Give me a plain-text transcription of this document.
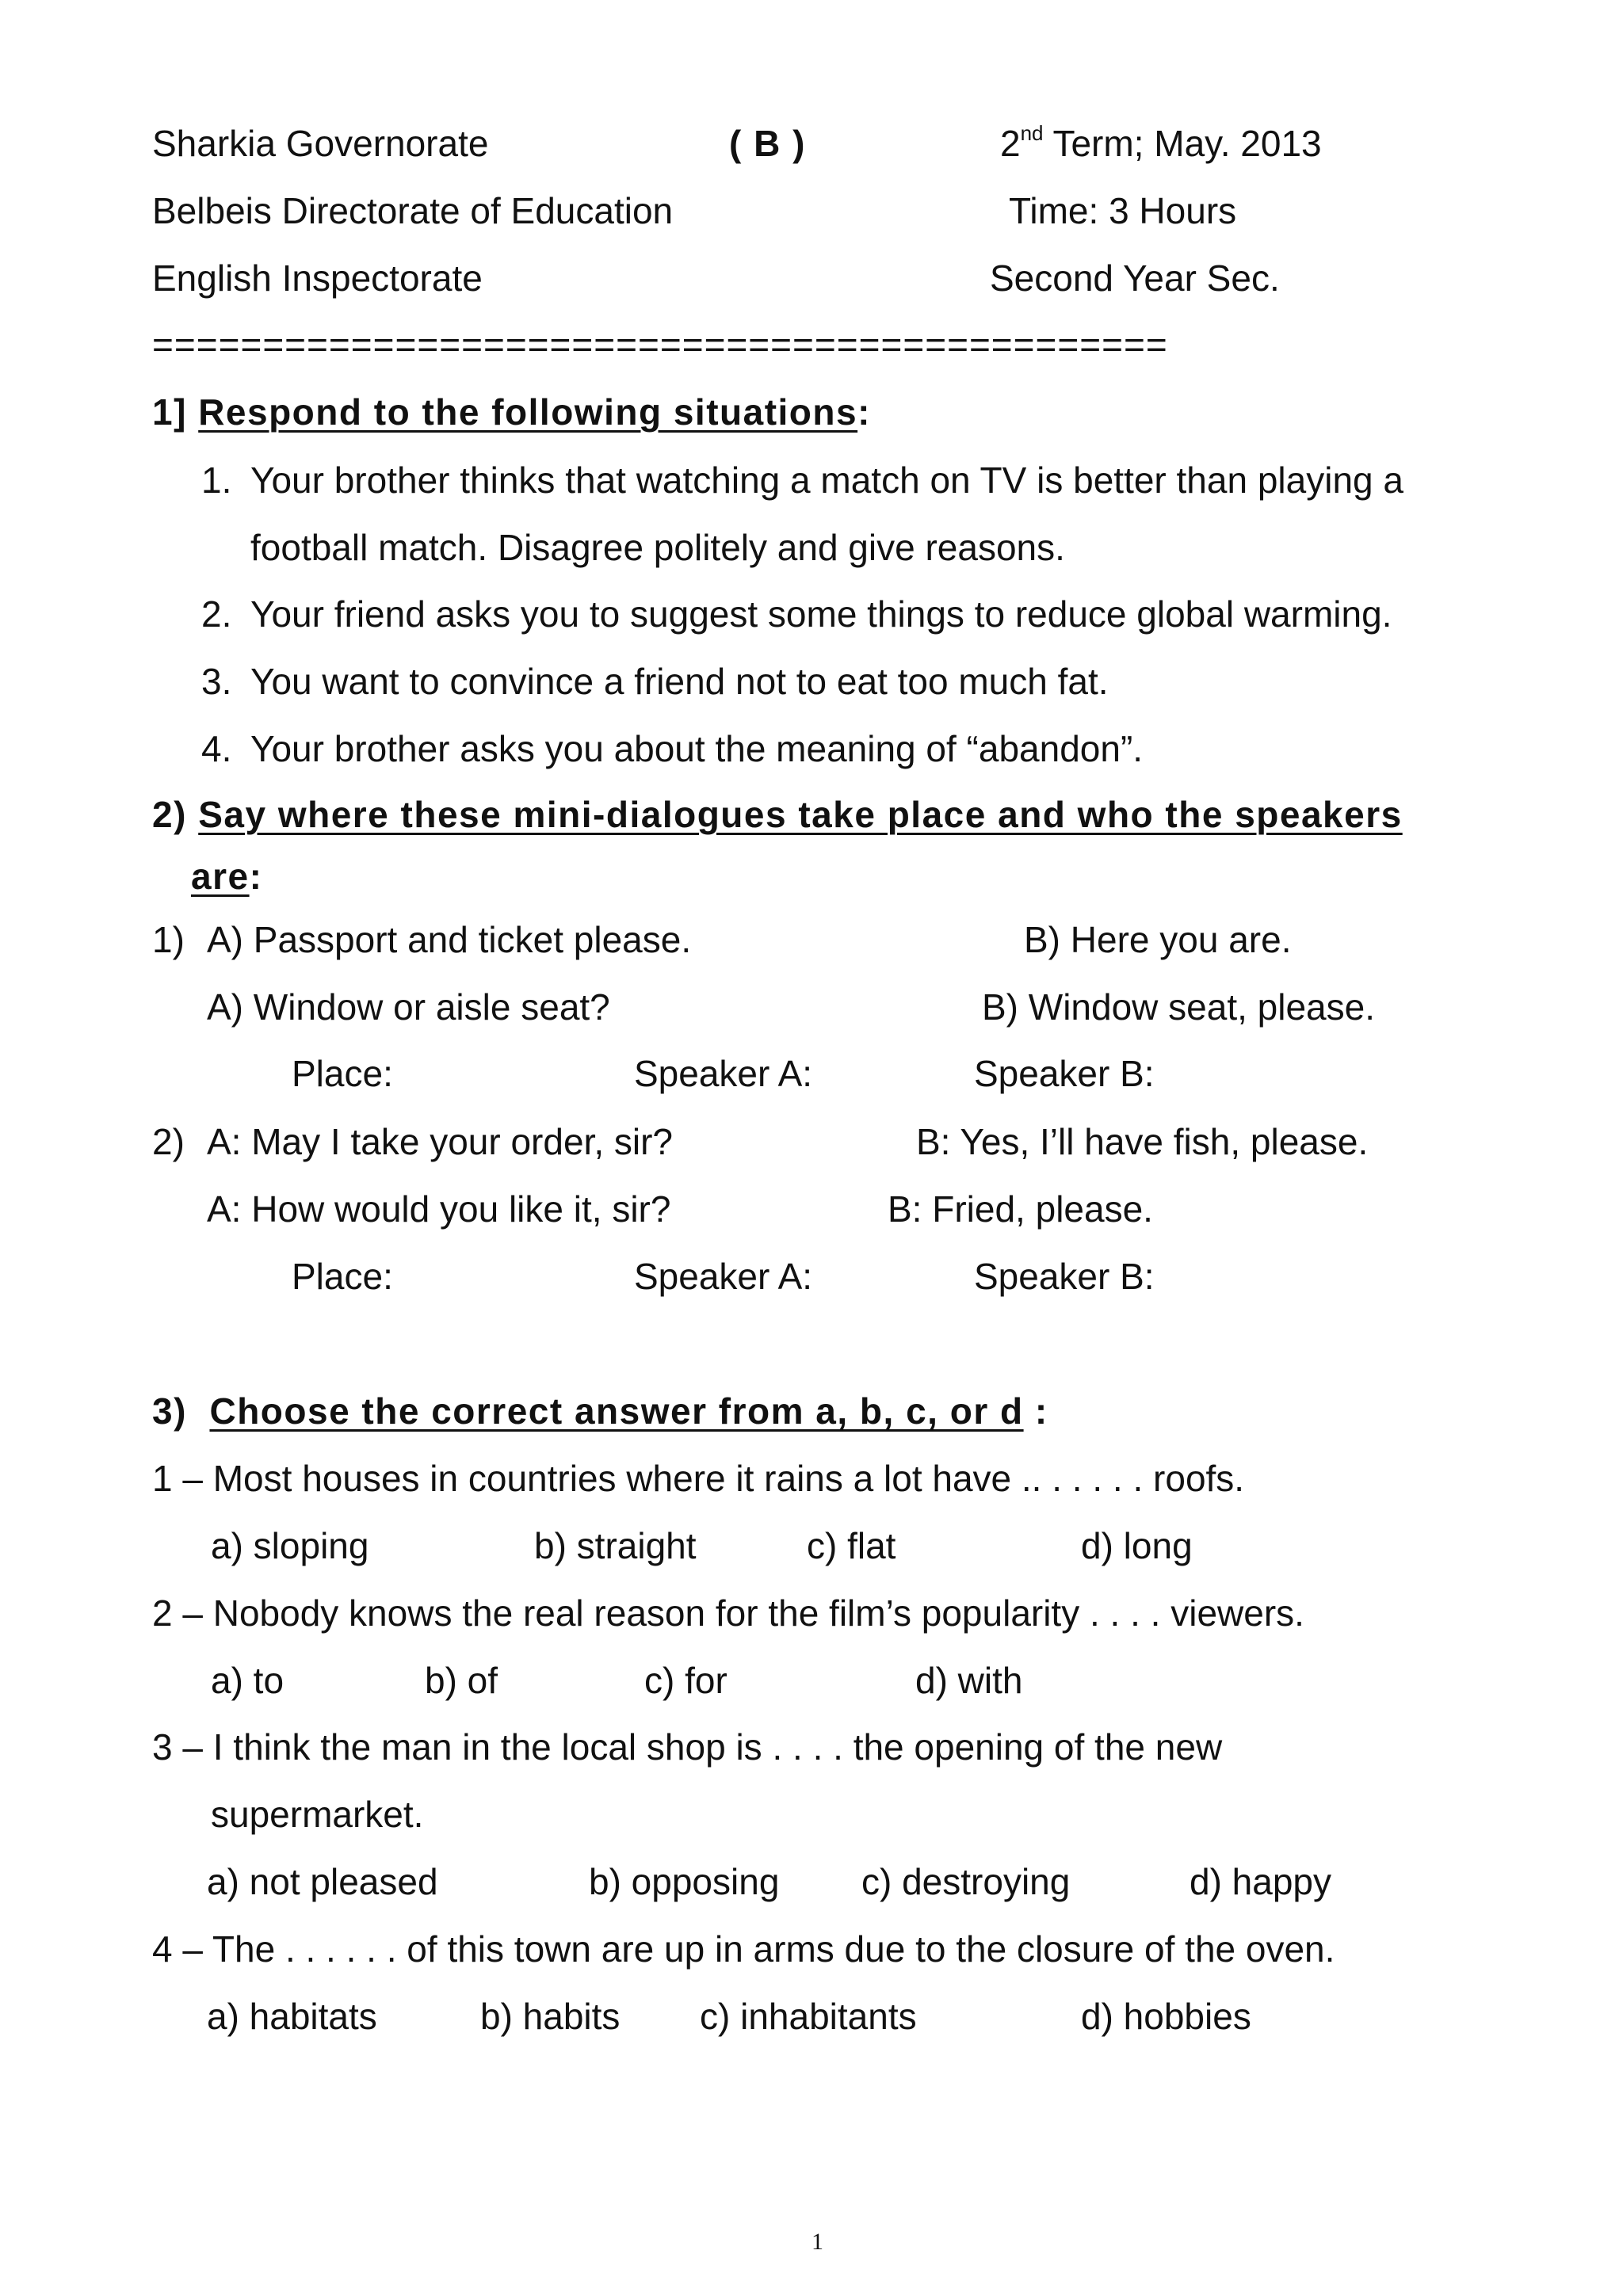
Sharkia Governorate	( B )	2nd Term; May. 2013
Belbeis Directorate of Education	Time: 3 Hours
English Inspectorate	Second Year Sec.
==============================================
1] Respond to the following situations:
1. Your brother thinks that watching a match on TV is better than playing a
football match. Disagree politely and give reasons.
2. Your friend asks you to suggest some things to reduce global warming.
3. You want to convince a friend not to eat too much fat.
4. Your brother asks you about the meaning of “abandon”.
2) Say where these mini-dialogues take place and who the speakers
are:
1) A) Passport and ticket please.	B) Here you are.
A) Window or aisle seat?	B) Window seat, please.
Place:	Speaker A:	Speaker B:
2) A: May I take your order, sir?	B: Yes, I’ll have fish, please.
A: How would you like it, sir?	B: Fried, please.
Place:	Speaker A:	Speaker B:
3) Choose the correct answer from a, b, c, or d :
1 – Most houses in countries where it rains a lot have .. . . . . . roofs.
a) sloping	b) straight	c) flat	d) long
2 – Nobody knows the real reason for the film’s popularity . . . . viewers.
a) to	b) of	c) for	d) with
3 – I think the man in the local shop is . . . . the opening of the new
supermarket.
a) not pleased	b) opposing c) destroying	d) happy
4 – The . . . . . . of this town are up in arms due to the closure of the oven.
a) habitats	b) habits c) inhabitants	d) hobbies
1
